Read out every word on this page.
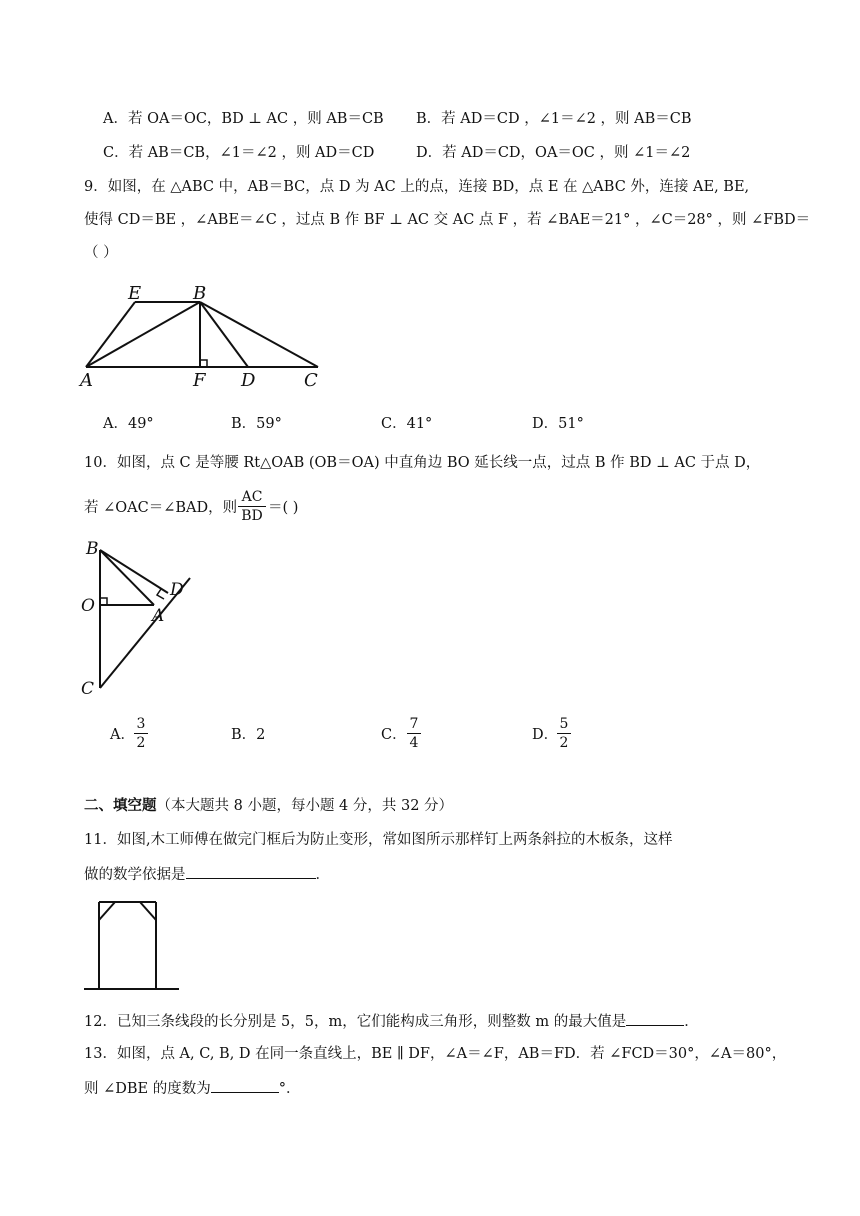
A．若 OA＝OC，BD ⊥ AC ，则 AB＝CB B．若 AD＝CD ，∠1＝∠2 ，则 AB＝CB
C．若 AB＝CB，∠1＝∠2 ，则 AD＝CD	D．若 AD＝CD，OA＝OC ，则 ∠1＝∠2
9．如图，在 △ABC 中，AB＝BC，点 D 为 AC 上的点，连接 BD，点 E 在 △ABC 外，连接 AE, BE,
使得 CD＝BE ，∠ABE＝∠C ，过点 B 作 BF ⊥ AC 交 AC 点 F ，若 ∠BAE＝21° ，∠C＝28° ，则 ∠FBD＝
（ ）
E	B
A	F D	C
A．49°	B．59°	C．41°	D．51°
10．如图，点 C 是等腰 Rt△OAB (OB＝OA) 中直角边 BO 延长线一点，过点 B 作 BD ⊥ AC 于点 D，
若 ∠OAC＝∠BAD，则
AC
BD ＝( )
B
D
O	A
C
A．
3
2	B．2	C．
7
4	D．
5
2
二、填空题（本大题共 8 小题，每小题 4 分，共 32 分）
11．如图,木工师傅在做完门框后为防止变形，常如图所示那样钉上两条斜拉的木板条，这样
做的数学依据是	．
12．已知三条线段的长分别是 5，5，m，它们能构成三角形，则整数 m 的最大值是	．
13．如图，点 A, C, B, D 在同一条直线上，BE ∥ DF，∠A＝∠F，AB＝FD．若 ∠FCD＝30°，∠A＝80°，
则 ∠DBE 的度数为	°．
